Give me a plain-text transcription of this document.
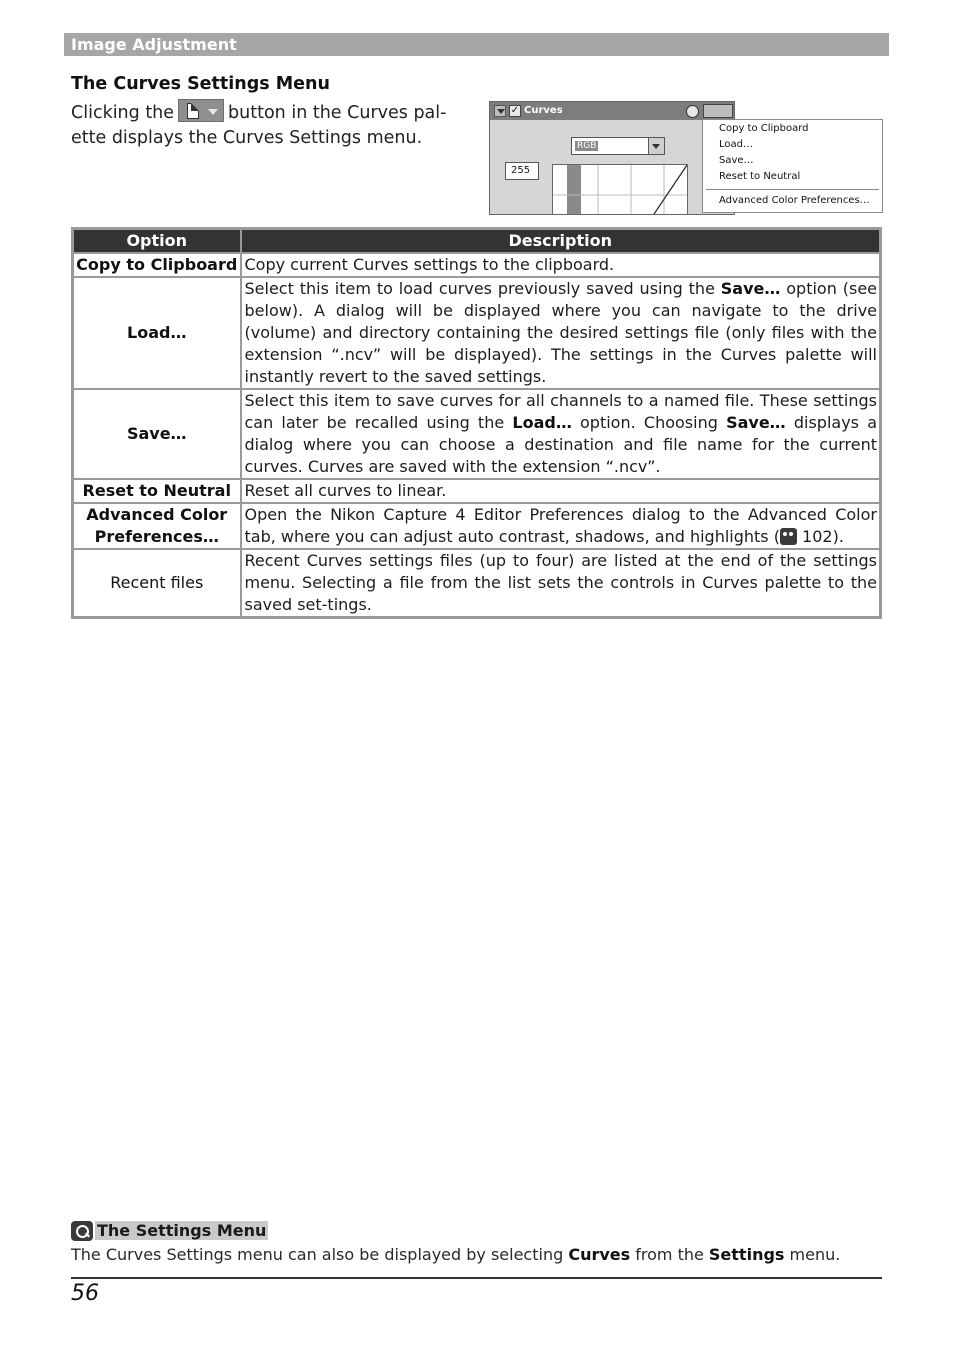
Image Adjustment
The Curves Settings Menu
Clicking the	button in the Curves pal-
ette displays the Curves Settings menu.
✓ Curves
RGB
255
Copy to Clipboard
Load…
Save…
Reset to Neutral
Advanced Color Preferences…
Option	Description
Copy to Clipboard	Copy current Curves settings to the clipboard.
Load…	Select this item to load curves previously saved using the Save… option (see below). A dialog will be displayed where you can navigate to the drive (volume) and directory containing the desired settings file (only files with the extension “.ncv” will be displayed). The settings in the Curves palette will instantly revert to the saved settings.
Save…	Select this item to save curves for all channels to a named file. These settings can later be recalled using the Load… option. Choosing Save… displays a dialog where you can choose a destination and file name for the current curves. Curves are saved with the extension “.ncv”.
Reset to Neutral	Reset all curves to linear.
Advanced Color
Preferences…	Open the Nikon Capture 4 Editor Preferences dialog to the Advanced Color tab, where you can adjust auto contrast, shadows, and highlights ( 102).
Recent files	Recent Curves settings files (up to four) are listed at the end of the settings menu. Selecting a file from the list sets the controls in Curves palette to the saved set-tings.
The Settings Menu
The Curves Settings menu can also be displayed by selecting Curves from the Settings menu.
56
